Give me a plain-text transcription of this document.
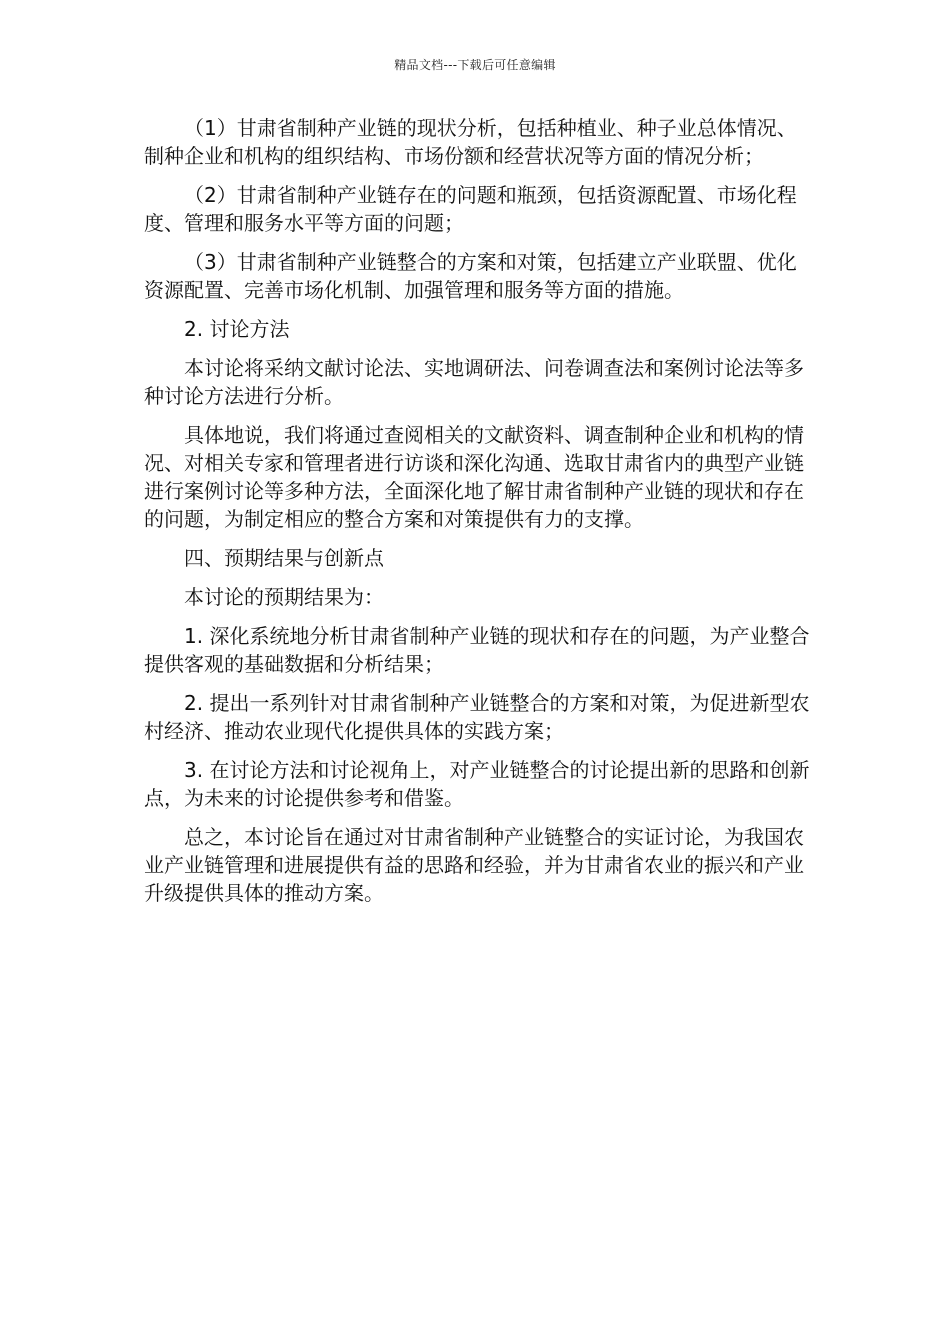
精品文档---下载后可任意编辑

（1）甘肃省制种产业链的现状分析，包括种植业、种子业总体情况、制种企业和机构的组织结构、市场份额和经营状况等方面的情况分析；

（2）甘肃省制种产业链存在的问题和瓶颈，包括资源配置、市场化程度、管理和服务水平等方面的问题；

（3）甘肃省制种产业链整合的方案和对策，包括建立产业联盟、优化资源配置、完善市场化机制、加强管理和服务等方面的措施。

2. 讨论方法

本讨论将采纳文献讨论法、实地调研法、问卷调查法和案例讨论法等多种讨论方法进行分析。

具体地说，我们将通过查阅相关的文献资料、调查制种企业和机构的情况、对相关专家和管理者进行访谈和深化沟通、选取甘肃省内的典型产业链进行案例讨论等多种方法，全面深化地了解甘肃省制种产业链的现状和存在的问题，为制定相应的整合方案和对策提供有力的支撑。

四、预期结果与创新点

本讨论的预期结果为：

1. 深化系统地分析甘肃省制种产业链的现状和存在的问题，为产业整合提供客观的基础数据和分析结果；

2. 提出一系列针对甘肃省制种产业链整合的方案和对策，为促进新型农村经济、推动农业现代化提供具体的实践方案；

3. 在讨论方法和讨论视角上，对产业链整合的讨论提出新的思路和创新点，为未来的讨论提供参考和借鉴。

总之，本讨论旨在通过对甘肃省制种产业链整合的实证讨论，为我国农业产业链管理和进展提供有益的思路和经验，并为甘肃省农业的振兴和产业升级提供具体的推动方案。
